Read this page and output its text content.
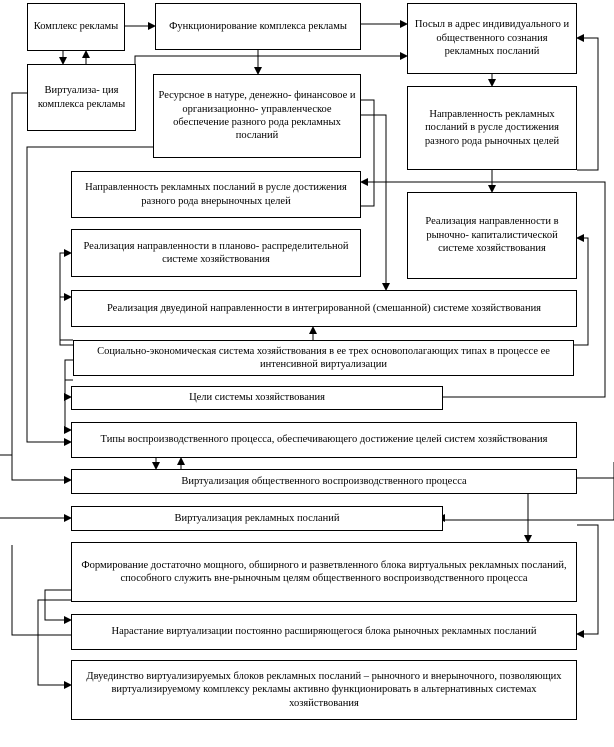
Комплекс рекламы	Функционирование комплекса рекламы	Посыл в адрес индивидуального и общественного сознания рекламных посланий
Виртуализа- ция комплекса рекламы
Ресурсное в натуре, денежно- финансовое и организационно- управленческое обеспечение разного рода рекламных посланий
Направленность рекламных посланий в русле достижения разного рода рыночных целей
Направленность рекламных посланий в русле достижения разного рода внерыночных целей
Реализация направленности в рыночно- капиталистической системе хозяйствования
Реализация направленности в планово- распределительной системе хозяйствования
Реализация двуединой направленности в интегрированной (смешанной) системе хозяйствования
Социально-экономическая система хозяйствования в ее трех основополагающих типах в процессе ее интенсивной виртуализации
Цели системы хозяйствования
Типы воспроизводственного процесса, обеспечивающего достижение целей систем хозяйствования
Виртуализация общественного воспроизводственного процесса
Виртуализация рекламных посланий
Формирование достаточно мощного, обширного и разветвленного блока виртуальных рекламных посланий, способного служить вне-рыночным целям общественного воспроизводственного процесса
Нарастание виртуализации постоянно расширяющегося блока рыночных рекламных посланий
Двуединство виртуализируемых блоков рекламных посланий – рыночного и внерыночного, позволяющих виртуализируемому комплексу рекламы активно функционировать в альтернативных системах хозяйствования
